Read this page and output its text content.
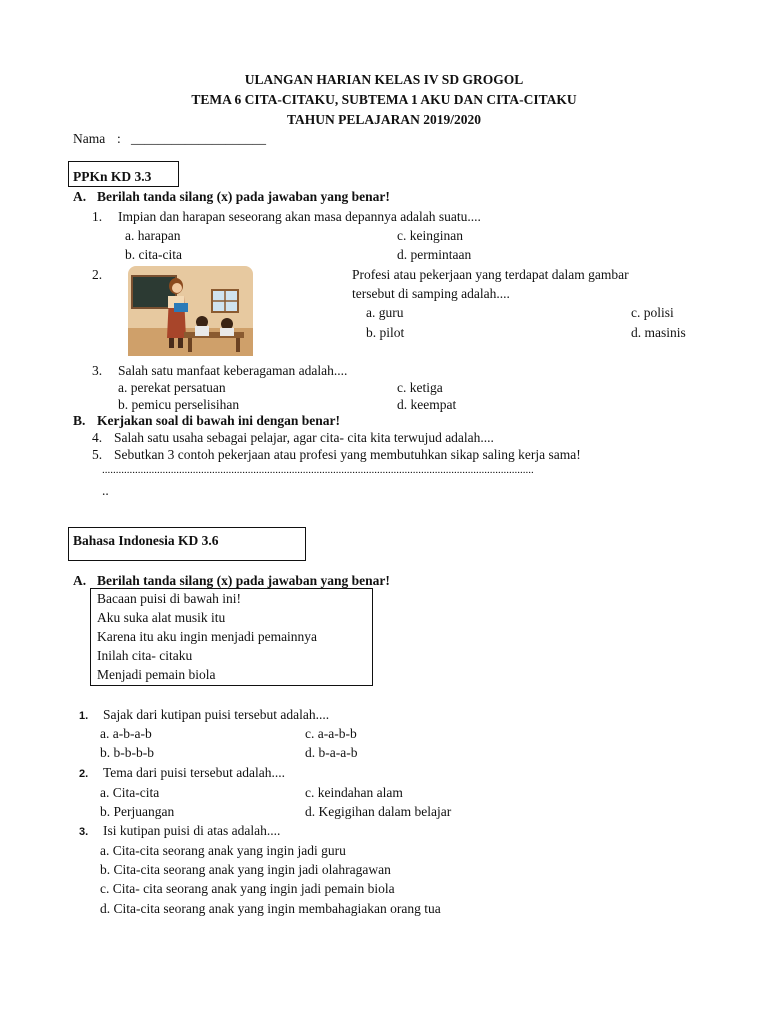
ULANGAN HARIAN KELAS IV SD GROGOL
TEMA 6 CITA-CITAKU, SUBTEMA 1 AKU DAN CITA-CITAKU
TAHUN PELAJARAN 2019/2020
Nama : ____________________
PPKn KD 3.3
A. Berilah tanda silang (x) pada jawaban yang benar!
1. Impian dan harapan seseorang akan masa depannya adalah suatu....
a. harapan	c. keinginan
b. cita-cita	d. permintaan
2.	Profesi atau pekerjaan yang terdapat dalam gambar
tersebut di samping adalah....
a. guru	c. polisi
b. pilot	d. masinis
3. Salah satu manfaat keberagaman adalah....
a. perekat persatuan	c. ketiga
b. pemicu perselisihan	d. keempat
B. Kerjakan soal di bawah ini dengan benar!
4. Salah satu usaha sebagai pelajar, agar cita- cita kita terwujud adalah....
5. Sebutkan 3 contoh pekerjaan atau profesi yang membutuhkan sikap saling kerja sama!
.............................................................................................................................................................
..
Bahasa Indonesia KD 3.6
A. Berilah tanda silang (x) pada jawaban yang benar!
Bacaan puisi di bawah ini!
Aku suka alat musik itu
Karena itu aku ingin menjadi pemainnya
Inilah cita- citaku
Menjadi pemain biola
1. Sajak dari kutipan puisi tersebut adalah....
a. a-b-a-b	c. a-a-b-b
b. b-b-b-b	d. b-a-a-b
2. Tema dari puisi tersebut adalah....
a. Cita-cita	c. keindahan alam
b. Perjuangan	d. Kegigihan dalam belajar
3. Isi kutipan puisi di atas adalah....
a. Cita-cita seorang anak yang ingin jadi guru
b. Cita-cita seorang anak yang ingin jadi olahragawan
c. Cita- cita seorang anak yang ingin jadi pemain biola
d. Cita-cita seorang anak yang ingin membahagiakan orang tua
